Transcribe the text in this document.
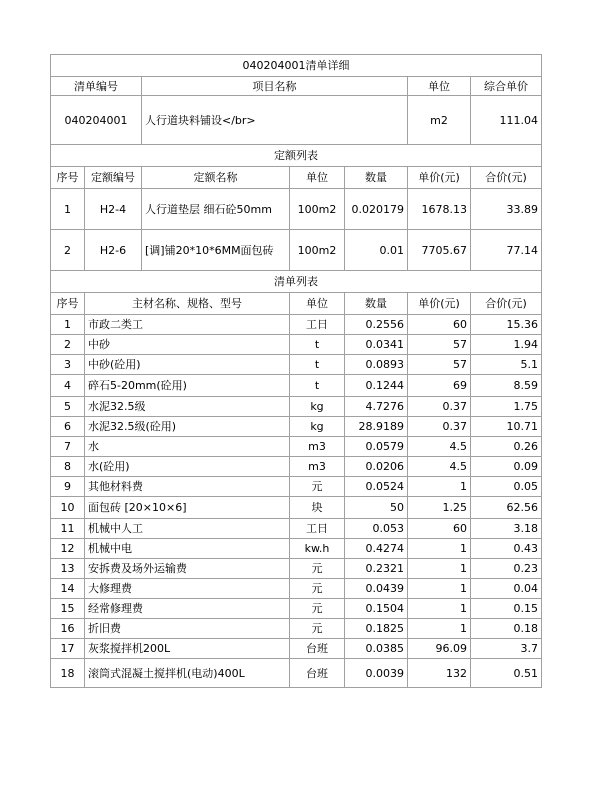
040204001清单详细						
清单编号		项目名称			单位	综合单价
040204001		人行道块料铺设</br>			m2	111.04
定额列表						
序号	定额编号	定额名称	单位	数量	单价(元)	合价(元)
1	H2-4	人行道垫层 细石砼50mm	100m2	0.020179	1678.13	33.89
2	H2-6	[调]铺20*10*6MM面包砖	100m2	0.01	7705.67	77.14
清单列表						
序号	主材名称、规格、型号		单位	数量	单价(元)	合价(元)
1	市政二类工		工日	0.2556	60	15.36
2	中砂		t	0.0341	57	1.94
3	中砂(砼用)		t	0.0893	57	5.1
4	碎石5-20mm(砼用)		t	0.1244	69	8.59
5	水泥32.5级		kg	4.7276	0.37	1.75
6	水泥32.5级(砼用)		kg	28.9189	0.37	10.71
7	水		m3	0.0579	4.5	0.26
8	水(砼用)		m3	0.0206	4.5	0.09
9	其他材料费		元	0.0524	1	0.05
10	面包砖 [20×10×6]		块	50	1.25	62.56
11	机械中人工		工日	0.053	60	3.18
12	机械中电		kw.h	0.4274	1	0.43
13	安拆费及场外运输费		元	0.2321	1	0.23
14	大修理费		元	0.0439	1	0.04
15	经常修理费		元	0.1504	1	0.15
16	折旧费		元	0.1825	1	0.18
17	灰浆搅拌机200L		台班	0.0385	96.09	3.7
18	滚筒式混凝土搅拌机(电动)400L		台班	0.0039	132	0.51
